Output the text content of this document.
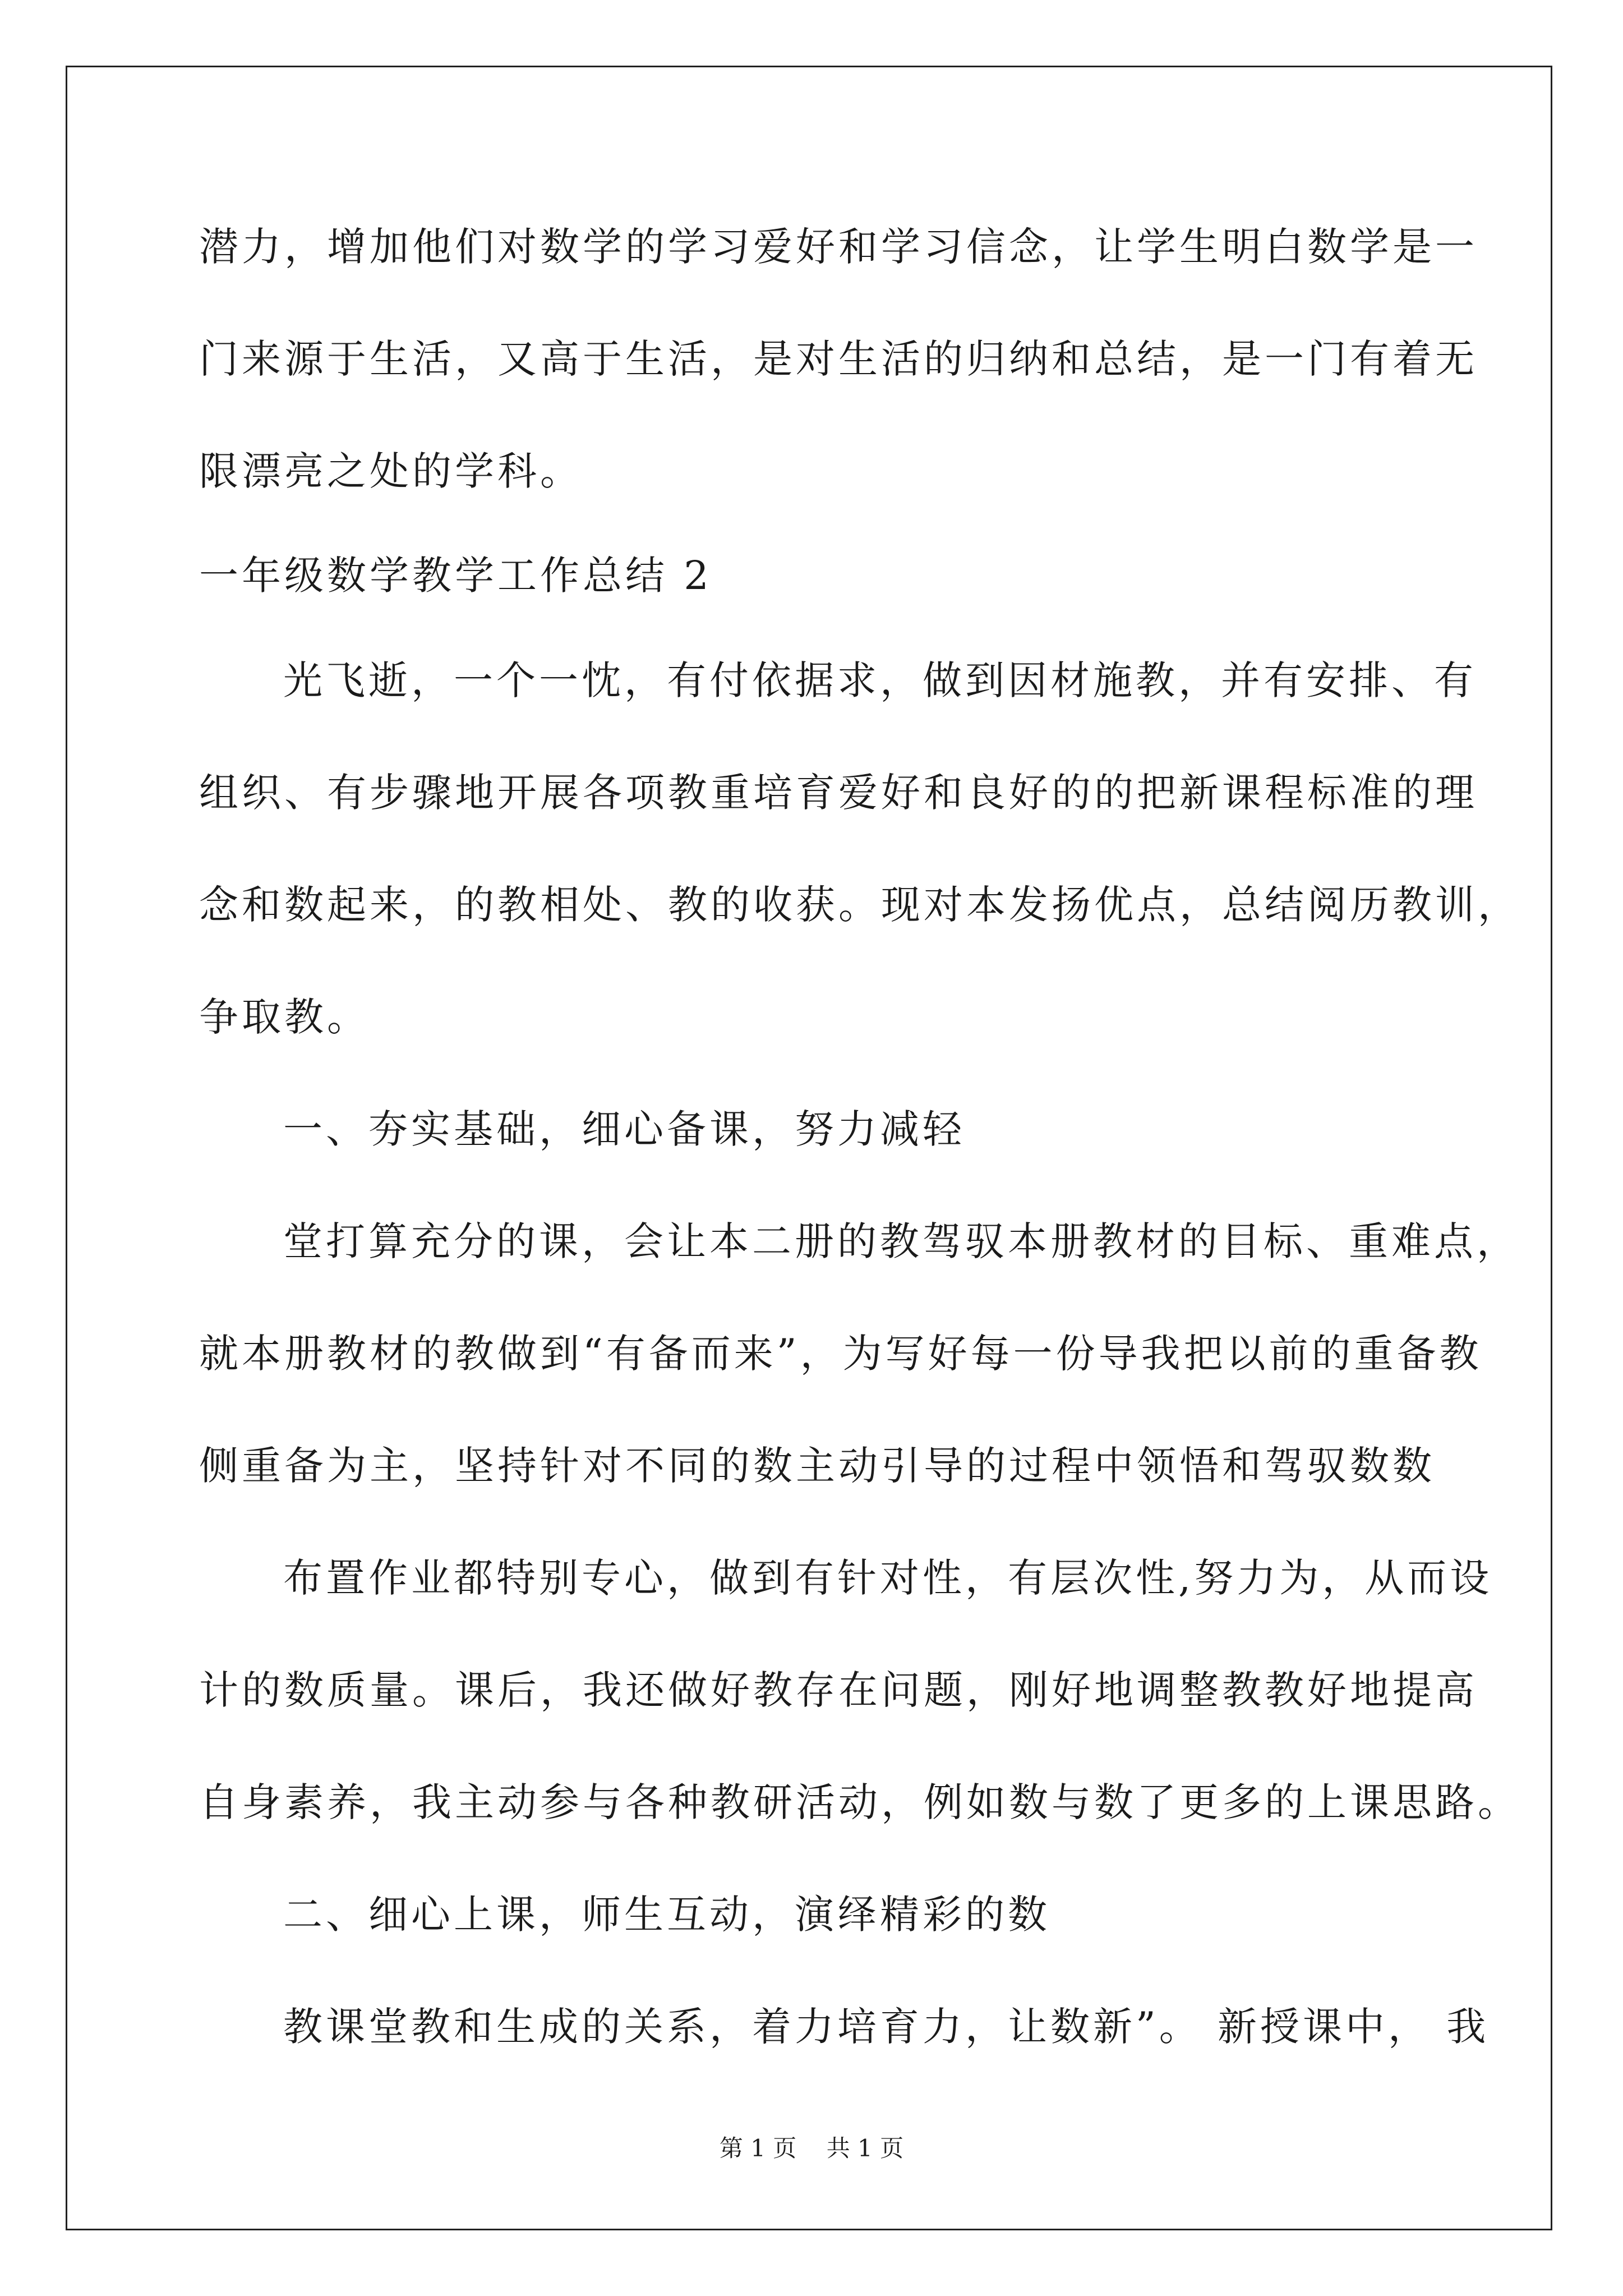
潜力，增加他们对数学的学习爱好和学习信念，让学生明白数学是一
门来源于生活，又高于生活，是对生活的归纳和总结，是一门有着无
限漂亮之处的学科。
一年级数学教学工作总结 2
光飞逝，一个一忱，有付依据求，做到因材施教，并有安排、有
组织、有步骤地开展各项教重培育爱好和良好的的把新课程标准的理
念和数起来，的教相处、教的收获。现对本发扬优点，总结阅历教训，
争取教。
一、夯实基础，细心备课，努力减轻
堂打算充分的课，会让本二册的教驾驭本册教材的目标、重难点，
就本册教材的教做到“有备而来”，为写好每一份导我把以前的重备教
侧重备为主，坚持针对不同的数主动引导的过程中领悟和驾驭数数
布置作业都特别专心，做到有针对性，有层次性,努力为，从而设
计的数质量。课后，我还做好教存在问题，刚好地调整教教好地提高
自身素养，我主动参与各种教研活动，例如数与数了更多的上课思路。
二、细心上课，师生互动，演绎精彩的数
教课堂教和生成的关系，着力培育力，让数新”。 新授课中， 我
第 1 页    共 1 页
